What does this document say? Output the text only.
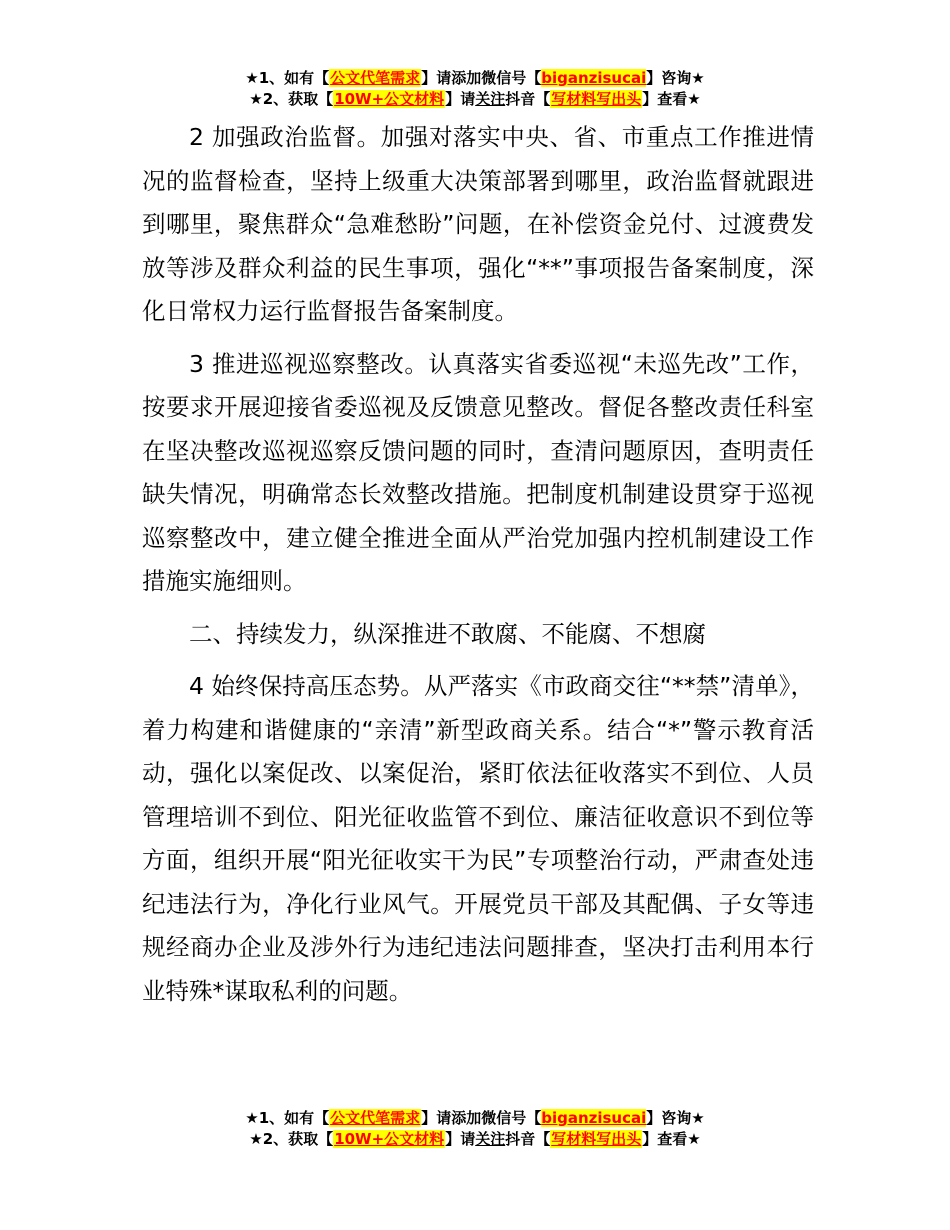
★1、如有【公文代笔需求】请添加微信号【biganzisucai】咨询★
★2、获取【10W+公文材料】请关注抖音【写材料写出头】查看★

2 加强政治监督。加强对落实中央、省、市重点工作推进情况的监督检查，坚持上级重大决策部署到哪里，政治监督就跟进到哪里，聚焦群众“急难愁盼”问题，在补偿资金兑付、过渡费发放等涉及群众利益的民生事项，强化“**”事项报告备案制度，深化日常权力运行监督报告备案制度。

3 推进巡视巡察整改。认真落实省委巡视“未巡先改”工作，按要求开展迎接省委巡视及反馈意见整改。督促各整改责任科室在坚决整改巡视巡察反馈问题的同时，查清问题原因，查明责任缺失情况，明确常态长效整改措施。把制度机制建设贯穿于巡视巡察整改中，建立健全推进全面从严治党加强内控机制建设工作措施实施细则。

二、持续发力，纵深推进不敢腐、不能腐、不想腐

4 始终保持高压态势。从严落实《市政商交往“**禁”清单》，着力构建和谐健康的“亲清”新型政商关系。结合“*”警示教育活动，强化以案促改、以案促治，紧盯依法征收落实不到位、人员管理培训不到位、阳光征收监管不到位、廉洁征收意识不到位等方面，组织开展“阳光征收实干为民”专项整治行动，严肃查处违纪违法行为，净化行业风气。开展党员干部及其配偶、子女等违规经商办企业及涉外行为违纪违法问题排查，坚决打击利用本行业特殊*谋取私利的问题。

★1、如有【公文代笔需求】请添加微信号【biganzisucai】咨询★
★2、获取【10W+公文材料】请关注抖音【写材料写出头】查看★
